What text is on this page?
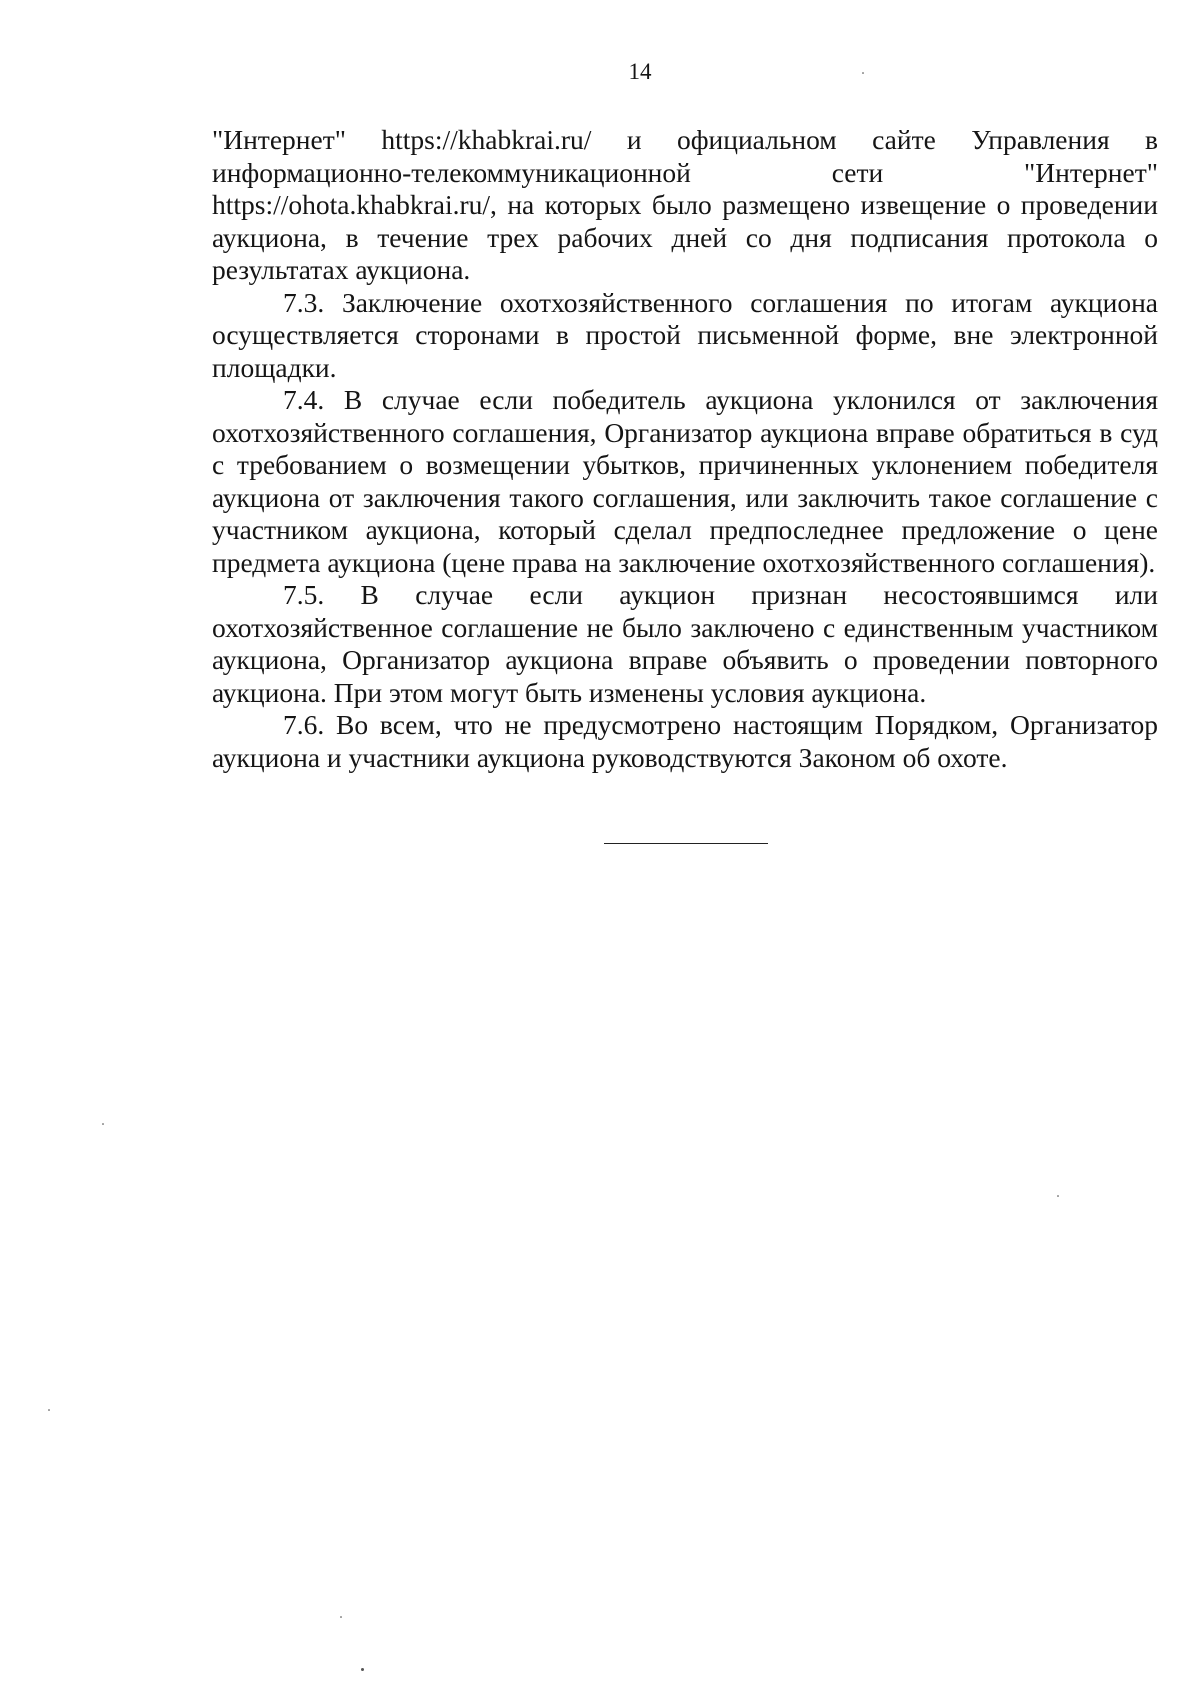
14

"Интернет" https://khabkrai.ru/ и официальном сайте Управления в
информационно-телекоммуникационной	сети	"Интернет"
https://ohota.khabkrai.ru/, на которых было размещено извещение о проведении аукциона, в течение трех рабочих дней со дня подписания протокола о результатах аукциона.

7.3. Заключение охотхозяйственного соглашения по итогам аукциона осуществляется сторонами в простой письменной форме, вне электронной площадки.

7.4. В случае если победитель аукциона уклонился от заключения охотхозяйственного соглашения, Организатор аукциона вправе обратиться в суд с требованием о возмещении убытков, причиненных уклонением победителя аукциона от заключения такого соглашения, или заключить такое соглашение с участником аукциона, который сделал предпоследнее предложение о цене предмета аукциона (цене права на заключение охотхозяйственного соглашения).

7.5. В случае если аукцион признан несостоявшимся или охотхозяйственное соглашение не было заключено с единственным участником аукциона, Организатор аукциона вправе объявить о проведении повторного аукциона. При этом могут быть изменены условия аукциона.

7.6. Во всем, что не предусмотрено настоящим Порядком, Организатор аукциона и участники аукциона руководствуются Законом об охоте.
